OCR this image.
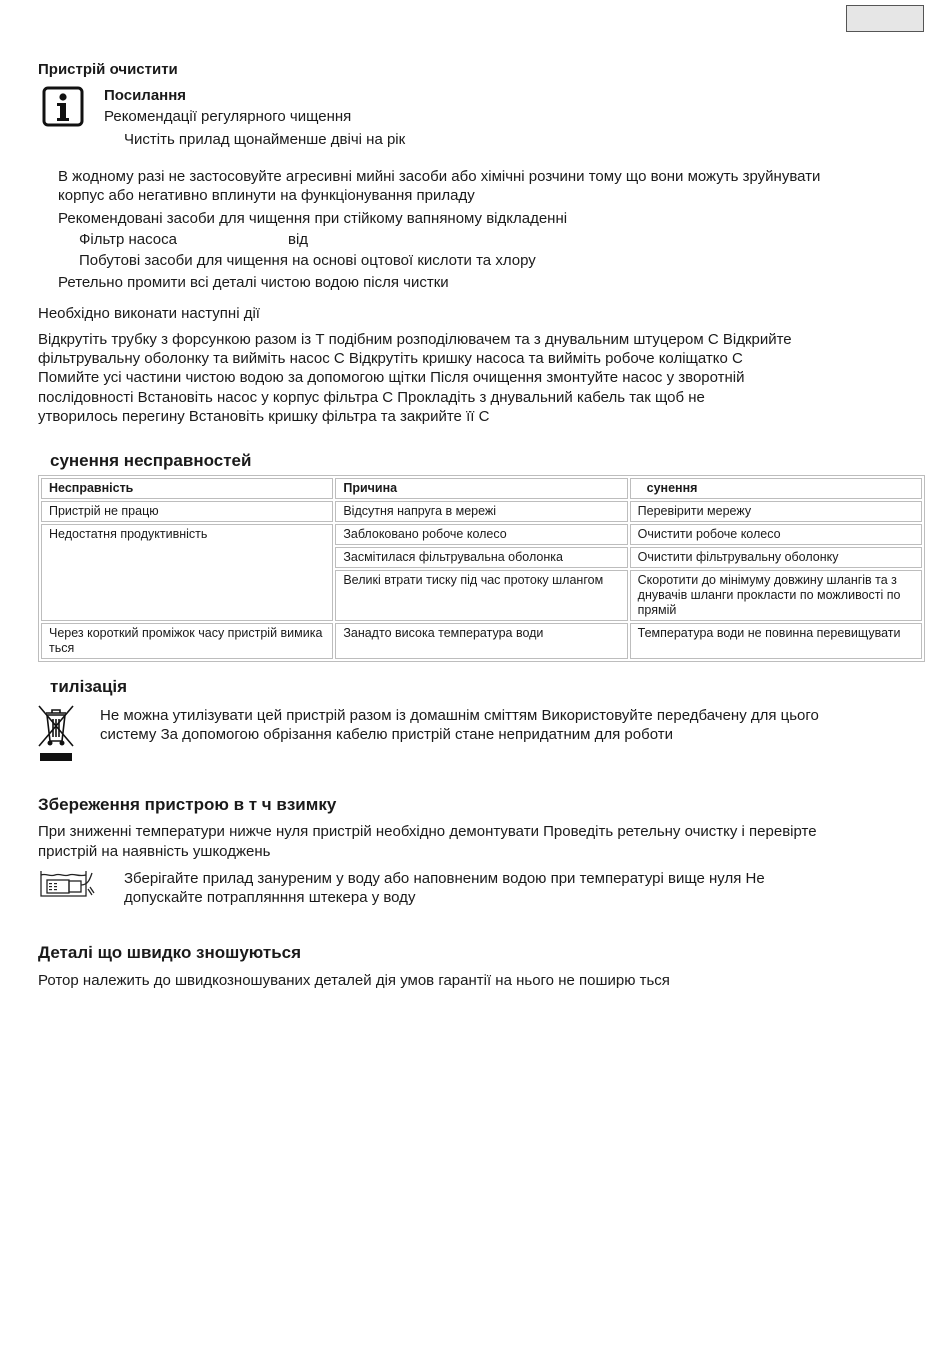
Пристрій очистити
Посилання
Рекомендації регулярного чищення
Чистіть прилад щонайменше двічі на рік
В жодному разі не застосовуйте агресивні мийні засоби або хімічні розчини тому що вони можуть зруйнувати
корпус або негативно вплинути на функціонування приладу
Рекомендовані засоби для чищення при стійкому вапняному відкладенні
Фільтр насоса	від
Побутові засоби для чищення на основі оцтової кислоти та хлору
Ретельно промити всі деталі чистою водою після чистки
Необхідно виконати наступні дії
Відкрутіть трубку з форсункою разом із Т подібним розподілювачем та з днувальним штуцером C Відкрийте
фільтрувальну оболонку та вийміть насос C Відкрутіть кришку насоса та вийміть робоче коліщатко C
Помийте усі частини чистою водою за допомогою щітки Після очищення змонтуйте насос у зворотній
послідовності Встановіть насос у корпус фільтра C Прокладіть з днувальний кабель так щоб не
утворилось перегину Встановіть кришку фільтра та закрийте її C
сунення несправностей
Несправність	Причина	сунення
Пристрій не працю	Відсутня напруга в мережі	Перевірити мережу
Недостатня продуктивність	Заблоковано робоче колесо	Очистити робоче колесо
	Засмітилася фільтрувальна оболонка	Очистити фільтрувальну оболонку
	Великі втрати тиску під час протоку шлангом	Скоротити до мінімуму довжину шлангів та з днувачів шланги прокласти по можливості по прямій
Через короткий проміжок часу пристрій вимика ться	Занадто висока температура води	Температура води не повинна перевищувати
тилізація
Не можна утилізувати цей пристрій разом із домашнім сміттям Використовуйте передбачену для цього
систему За допомогою обрізання кабелю пристрій стане непридатним для роботи
Збереження пристрою в т ч взимку
При зниженні температури нижче нуля пристрій необхідно демонтувати Проведіть ретельну очистку і перевірте
пристрій на наявність ушкоджень
Зберігайте прилад зануреним у воду або наповненим водою при температурі вище нуля Не
допускайте потраплянння штекера у воду
Деталі що швидко зношуються
Ротор належить до швидкозношуваних деталей дія умов гарантії на нього не поширю ться
